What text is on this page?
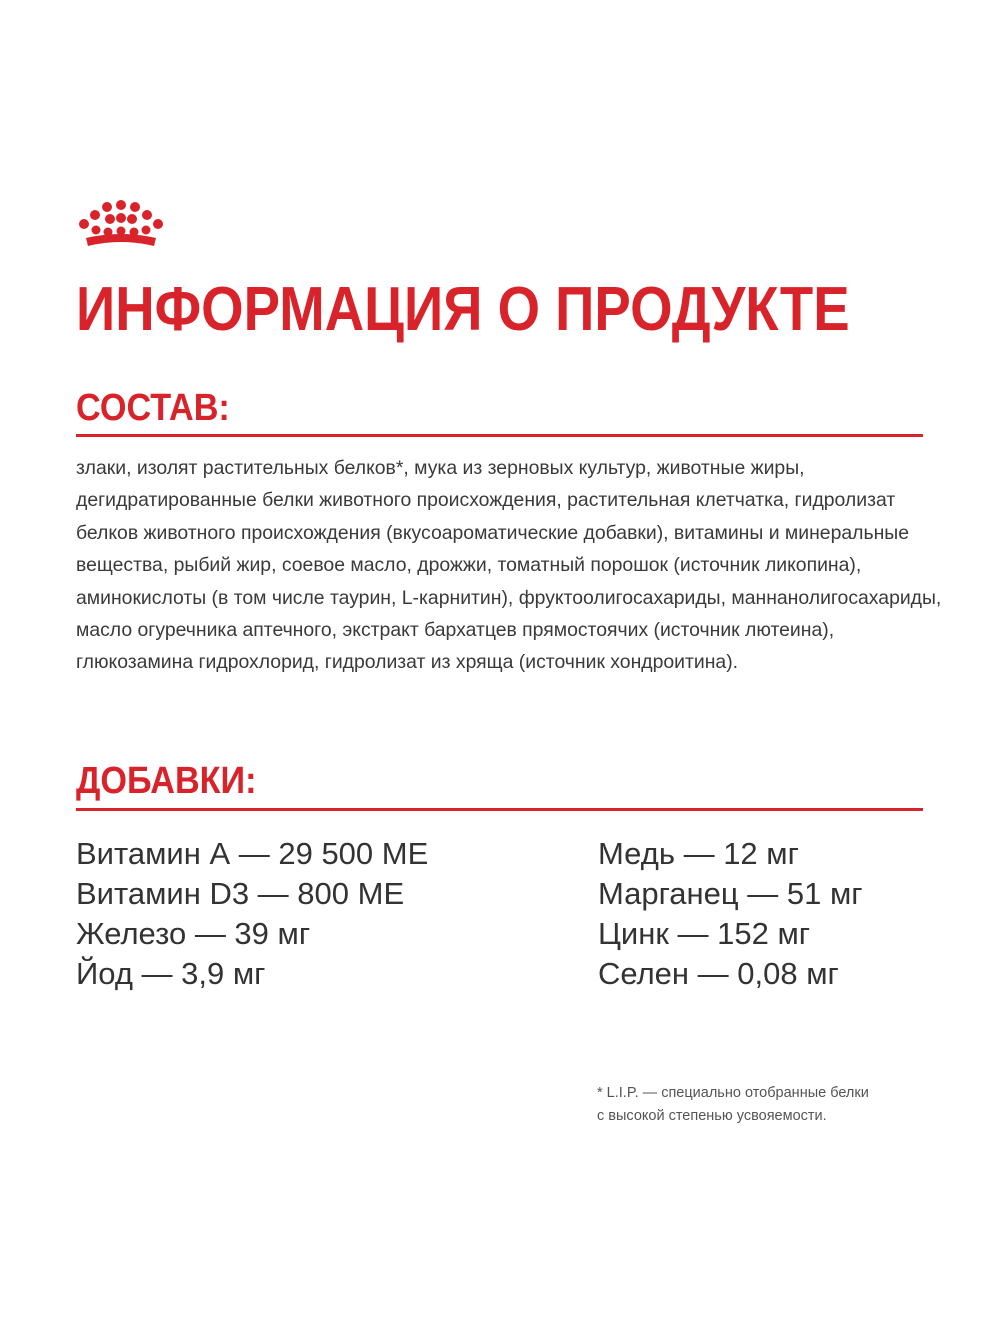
ИНФОРМАЦИЯ О ПРОДУКТЕ
СОСТАВ:

злаки, изолят растительных белков*, мука из зерновых культур, животные жиры, дегидратированные белки животного происхождения, растительная клетчатка, гидролизат белков животного происхождения (вкусоароматические добавки), витамины и минеральные вещества, рыбий жир, соевое масло, дрожжи, томатный порошок (источник ликопина), аминокислоты (в том числе таурин, L-карнитин), фруктоолигосахариды, маннанолигосахариды, масло огуречника аптечного, экстракт бархатцев прямостоячих (источник лютеина), глюкозамина гидрохлорид, гидролизат из хряща (источник хондроитина).

ДОБАВКИ:
Витамин А — 29 500 МЕ
Витамин D3 — 800 МЕ
Железо — 39 мг
Йод — 3,9 мг
Медь — 12 мг
Марганец — 51 мг
Цинк — 152 мг
Селен — 0,08 мг

* L.I.P. — специально отобранные белки
с высокой степенью усвояемости.
